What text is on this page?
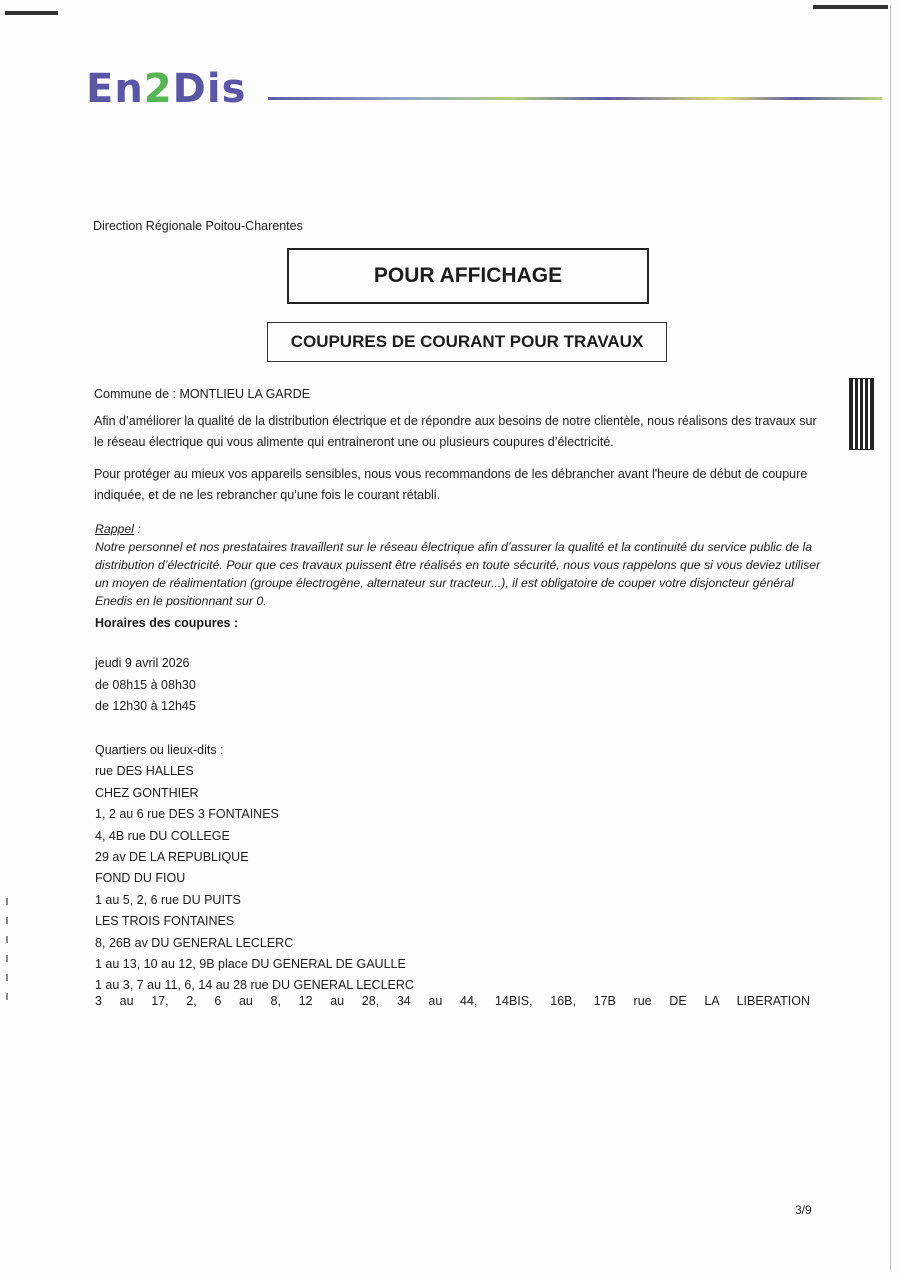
En2Dis
Direction Régionale Poitou-Charentes
POUR AFFICHAGE
COUPURES DE COURANT POUR TRAVAUX
Commune de : MONTLIEU LA GARDE
Afin d’améliorer la qualité de la distribution électrique et de répondre aux besoins de notre clientèle, nous réalisons des travaux sur le réseau électrique qui vous alimente qui entraineront une ou plusieurs coupures d’électricité.
Pour protéger au mieux vos appareils sensibles, nous vous recommandons de les débrancher avant l'heure de début de coupure indiquée, et de ne les rebrancher qu’une fois le courant rétabli.
Rappel :
Notre personnel et nos prestataires travaillent sur le réseau électrique afin d’assurer la qualité et la continuité du service public de la distribution d’électricité. Pour que ces travaux puissent être réalisés en toute sécurité, nous vous rappelons que si vous deviez utiliser un moyen de réalimentation (groupe électrogène, alternateur sur tracteur...), il est obligatoire de couper votre disjoncteur général Enedis en le positionnant sur 0.
Horaires des coupures :
jeudi 9 avril 2026
de 08h15 à 08h30
de 12h30 à 12h45
Quartiers ou lieux-dits :
rue DES HALLES
CHEZ GONTHIER
1, 2 au 6 rue DES 3 FONTAINES
4, 4B rue DU COLLEGE
29 av DE LA REPUBLIQUE
FOND DU FIOU
1 au 5, 2, 6 rue DU PUITS
LES TROIS FONTAINES
8, 26B av DU GENERAL LECLERC
1 au 13, 10 au 12, 9B place DU GENERAL DE GAULLE
1 au 3, 7 au 11, 6, 14 au 28 rue DU GENERAL LECLERC
3 au 17, 2, 6 au 8, 12 au 28, 34 au 44, 14BIS, 16B, 17B rue DE LA LIBERATION
3/9
